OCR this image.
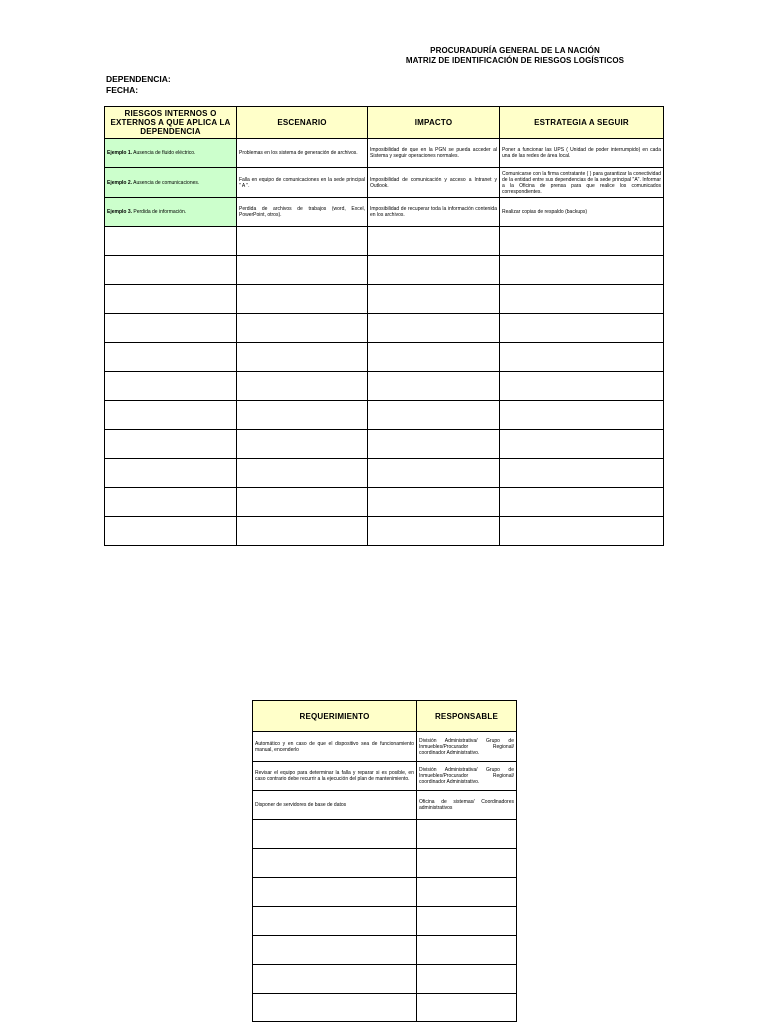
PROCURADURÍA GENERAL DE LA NACIÓN
MATRIZ DE IDENTIFICACIÓN DE RIESGOS LOGÍSTICOS
DEPENDENCIA:
FECHA:
RIESGOS INTERNOS O EXTERNOS A QUE APLICA LA DEPENDENCIA	ESCENARIO	IMPACTO	ESTRATEGIA A SEGUIR
Ejemplo 1. Ausencia de fluido eléctrico.	Problemas en los sistema de generación de archivos.	Imposibilidad de que en la PGN se pueda acceder al Sistema y seguir operaciones normales.	Poner a funcionar las UPS ( Unidad de poder interrumpido) en cada una de las redes de área local.
Ejemplo 2. Ausencia de comunicaciones.	Falla en equipo de comunicaciones en la sede principal " A ".	Imposibilidad de comunicación y acceso a Intranet y Outlook.	Comunicarse con la firma contratante ( ) para garantizar la conectividad de la entidad entre sus dependencias de la sede principal "A". Informar a la Oficina de prensa para que realice los comunicados correspondientes.
Ejemplo 3. Perdida de información.	Perdida de archivos de trabajos (word, Excel, PowerPoint, otros).	Imposibilidad de recuperar toda la información contenida en los archivos.	Realizar copias de respaldo (backups)

REQUERIMIENTO	RESPONSABLE
Automático y en caso de que el dispositivo sea de funcionamiento manual, encenderlo	División Administrativa/ Grupo de Inmuebles/Procurador Regional/ coordinador Administrativo.
Revisar el equipo para determinar la falla y reparar si es posible, en caso contrario debe recurrir a la ejecución del plan de mantenimiento.	División Administrativa/ Grupo de Inmuebles/Procurador Regional/ coordinador Administrativo.
Disponer de servidores de base de datos	Oficina de sistemas/ Coordinadores administrativos
